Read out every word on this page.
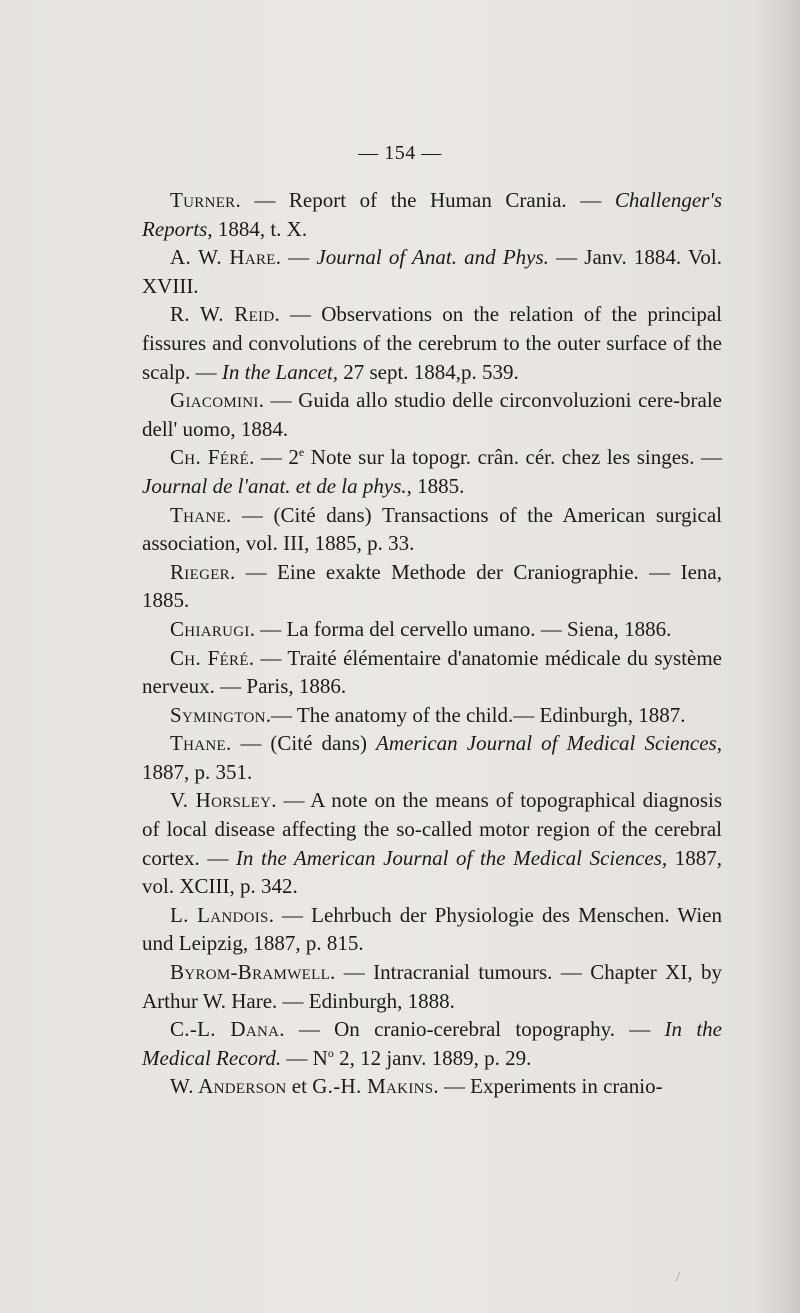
— 154 —

Turner. — Report of the Human Crania. — Challenger's Reports, 1884, t. X.

A. W. Hare. — Journal of Anat. and Phys. — Janv. 1884. Vol. XVIII.

R. W. Reid. — Observations on the relation of the principal fissures and convolutions of the cerebrum to the outer surface of the scalp. — In the Lancet, 27 sept. 1884,p. 539.

Giacomini. — Guida allo studio delle circonvoluzioni cere-brale dell' uomo, 1884.

Ch. Féré. — 2e Note sur la topogr. crân. cér. chez les singes. — Journal de l'anat. et de la phys., 1885.

Thane. — (Cité dans) Transactions of the American surgical association, vol. III, 1885, p. 33.

Rieger. — Eine exakte Methode der Craniographie. — Iena, 1885.

Chiarugi. — La forma del cervello umano. — Siena, 1886.

Ch. Féré. — Traité élémentaire d'anatomie médicale du système nerveux. — Paris, 1886.

Symington.— The anatomy of the child.— Edinburgh, 1887.

Thane. — (Cité dans) American Journal of Medical Sciences, 1887, p. 351.

V. Horsley. — A note on the means of topographical diagnosis of local disease affecting the so-called motor region of the cerebral cortex. — In the American Journal of the Medical Sciences, 1887, vol. XCIII, p. 342.

L. Landois. — Lehrbuch der Physiologie des Menschen. Wien und Leipzig, 1887, p. 815.

Byrom-Bramwell. — Intracranial tumours. — Chapter XI, by Arthur W. Hare. — Edinburgh, 1888.

C.-L. Dana. — On cranio-cerebral topography. — In the Medical Record. — $N^o$ 2, 12 janv. 1889, p. 29.

W. Anderson et G.-H. Makins. — Experiments in cranio-

/
